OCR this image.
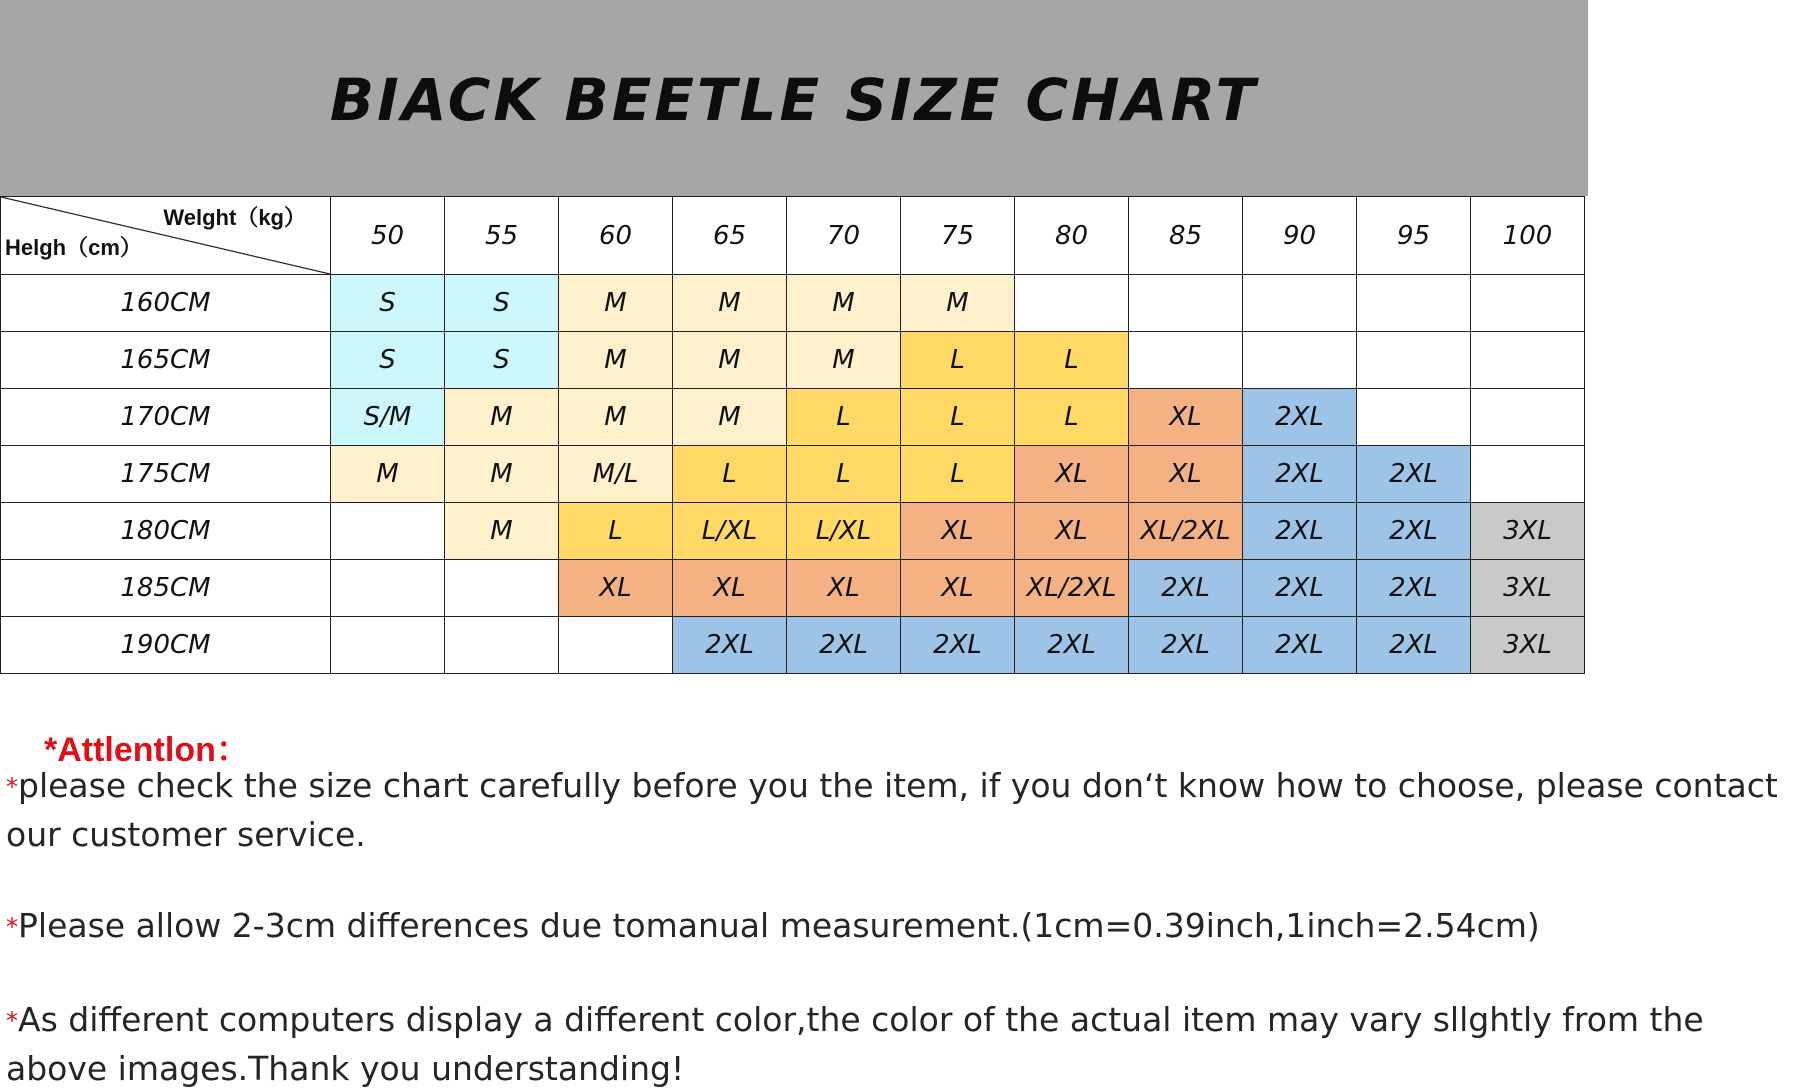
BIACK BEETLE SIZE CHART
Welght（kg）
Helgh（cm）	50	55	60	65	70	75	80	85	90	95	100
160CM	S	S	M	M	M	M					
165CM	S	S	M	M	M	L	L				
170CM	S/M	M	M	M	L	L	L	XL	2XL		
175CM	M	M	M/L	L	L	L	XL	XL	2XL	2XL	
180CM		M	L	L/XL	L/XL	XL	XL	XL/2XL	2XL	2XL	3XL
185CM			XL	XL	XL	XL	XL/2XL	2XL	2XL	2XL	3XL
190CM				2XL	2XL	2XL	2XL	2XL	2XL	2XL	3XL
*Attlentlon：
*please check the size chart carefully before you the item, if you don‘t know how to choose, please contact our customer service.
*Please allow 2-3cm differences due tomanual measurement.(1cm=0.39inch,1inch=2.54cm)
*As different computers display a different color,the color of the actual item may vary sllghtly from the above images.Thank you understanding!
